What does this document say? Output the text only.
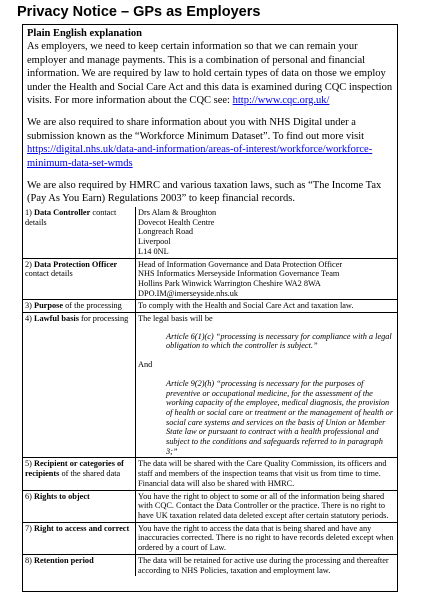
Privacy Notice – GPs as Employers

Plain English explanation

As employers, we need to keep certain information so that we can remain your employer and manage payments. This is a combination of personal and financial information. We are required by law to hold certain types of data on those we employ under the Health and Social Care Act and this data is examined during CQC inspection visits. For more information about the CQC see: http://www.cqc.org.uk/

We are also required to share information about you with NHS Digital under a submission known as the “Workforce Minimum Dataset”. To find out more visit https://digital.nhs.uk/data-and-information/areas-of-interest/workforce/workforce-minimum-data-set-wmds

We are also required by HMRC and various taxation laws, such as “The Income Tax (Pay As You Earn) Regulations 2003” to keep financial records.

1) Data Controller contact details	Drs Alam & Broughton
Dovecot Health Centre
Longreach Road
Liverpool
L14 0NL

2) Data Protection Officer contact details	Head of Information Governance and Data Protection Officer
NHS Informatics Merseyside Information Governance Team
Hollins Park Winwick Warrington Cheshire WA2 8WA
DPO.IM@imerseyside.nhs.uk

3) Purpose of the processing	To comply with the Health and Social Care Act and taxation law.
4) Lawful basis for processing	The legal basis will be
Article 6(1)(c) “processing is necessary for compliance with a legal obligation to which the controller is subject.”
And
Article 9(2)(h) “processing is necessary for the purposes of preventive or occupational medicine, for the assessment of the working capacity of the employee, medical diagnosis, the provision of health or social care or treatment or the management of health or social care systems and services on the basis of Union or Member State law or pursuant to contract with a health professional and subject to the conditions and safeguards referred to in paragraph 3;”

5) Recipient or categories of recipients of the shared data	The data will be shared with the Care Quality Commission, its officers and staff and members of the inspection teams that visit us from time to time. Financial data will also be shared with HMRC.
6) Rights to object	You have the right to object to some or all of the information being shared with CQC. Contact the Data Controller or the practice. There is no right to have UK taxation related data deleted except after certain statutory periods.
7) Right to access and correct	You have the right to access the data that is being shared and have any inaccuracies corrected. There is no right to have records deleted except when ordered by a court of Law.
8) Retention period	The data will be retained for active use during the processing and thereafter according to NHS Policies, taxation and employment law.
